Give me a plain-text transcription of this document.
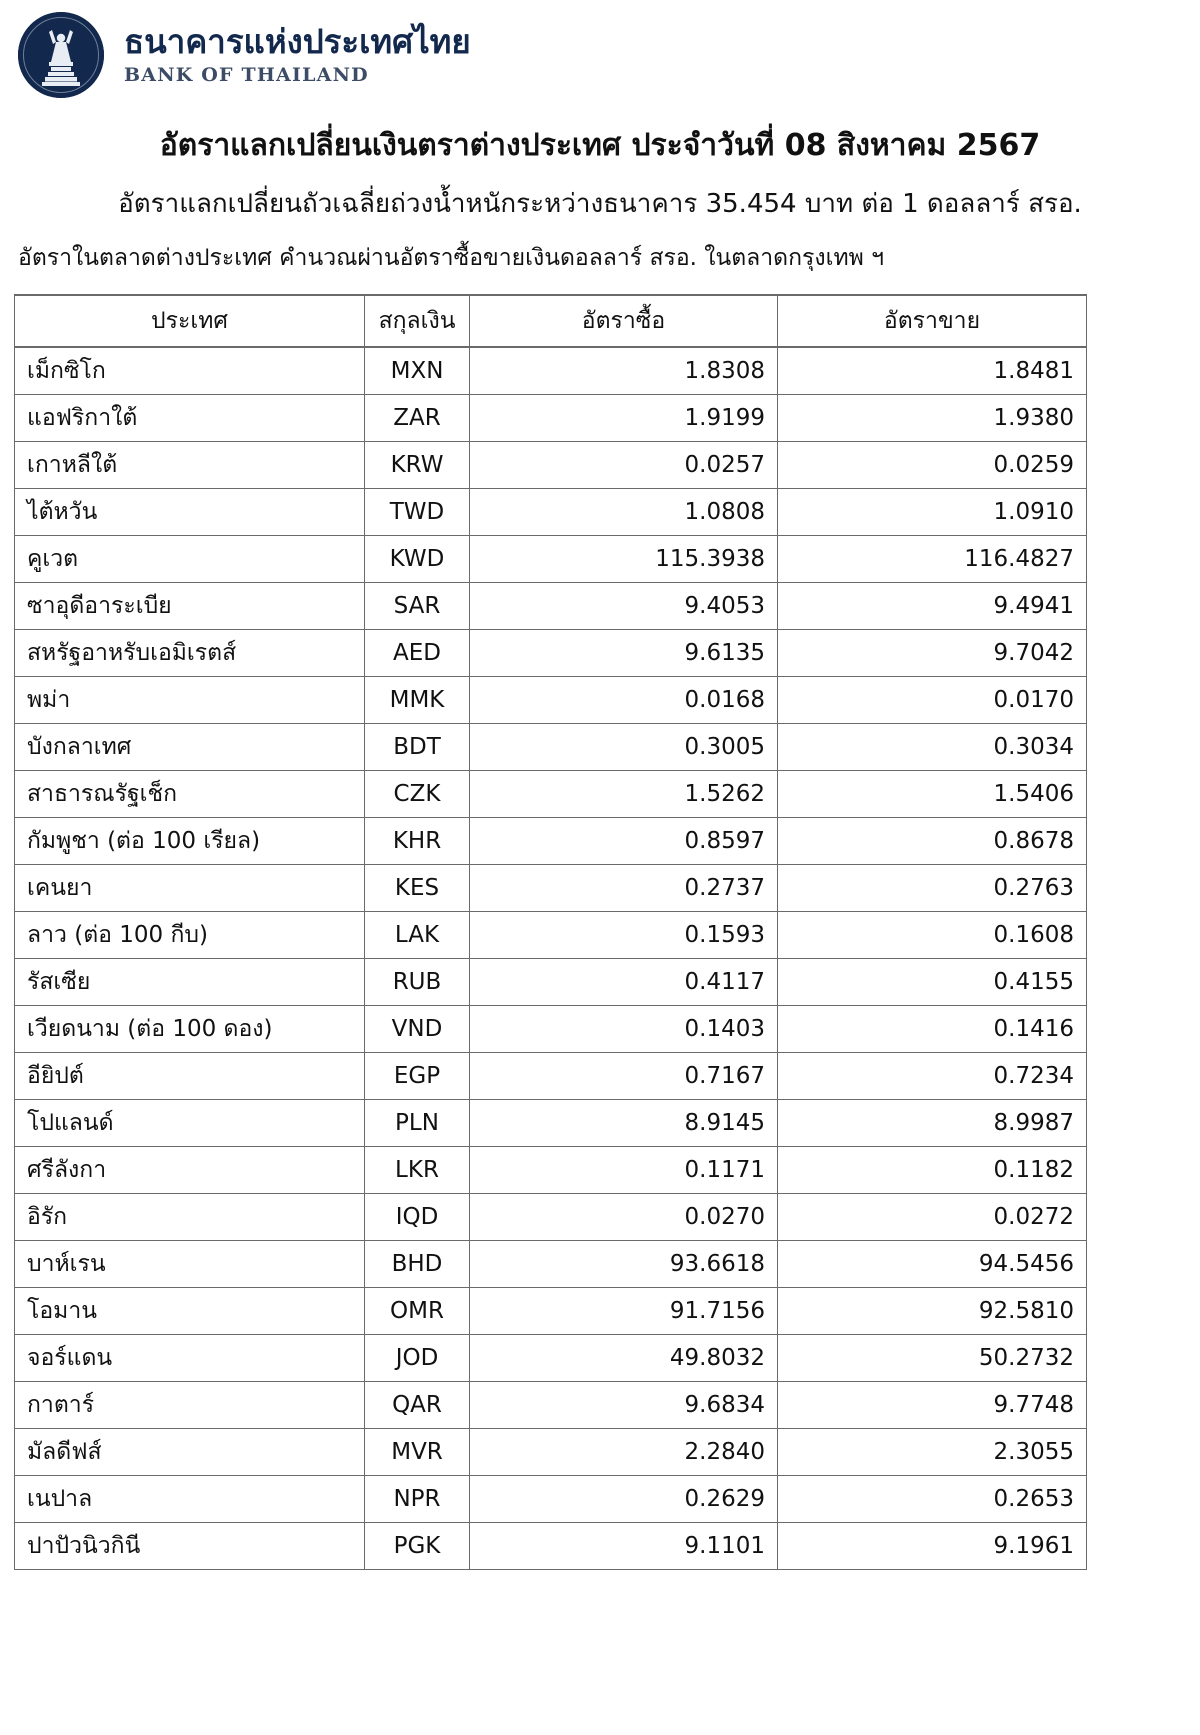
ธนาคารแห่งประเทศไทย
BANK OF THAILAND
อัตราแลกเปลี่ยนเงินตราต่างประเทศ ประจำวันที่ 08 สิงหาคม 2567
อัตราแลกเปลี่ยนถัวเฉลี่ยถ่วงน้ำหนักระหว่างธนาคาร 35.454 บาท ต่อ 1 ดอลลาร์ สรอ.
อัตราในตลาดต่างประเทศ คำนวณผ่านอัตราซื้อขายเงินดอลลาร์ สรอ. ในตลาดกรุงเทพ ฯ
ประเทศ	สกุลเงิน	อัตราซื้อ	อัตราขาย
เม็กซิโก	MXN	1.8308	1.8481
แอฟริกาใต้	ZAR	1.9199	1.9380
เกาหลีใต้	KRW	0.0257	0.0259
ไต้หวัน	TWD	1.0808	1.0910
คูเวต	KWD	115.3938	116.4827
ซาอุดีอาระเบีย	SAR	9.4053	9.4941
สหรัฐอาหรับเอมิเรตส์	AED	9.6135	9.7042
พม่า	MMK	0.0168	0.0170
บังกลาเทศ	BDT	0.3005	0.3034
สาธารณรัฐเช็ก	CZK	1.5262	1.5406
กัมพูชา (ต่อ 100 เรียล)	KHR	0.8597	0.8678
เคนยา	KES	0.2737	0.2763
ลาว (ต่อ 100 กีบ)	LAK	0.1593	0.1608
รัสเซีย	RUB	0.4117	0.4155
เวียดนาม (ต่อ 100 ดอง)	VND	0.1403	0.1416
อียิปต์	EGP	0.7167	0.7234
โปแลนด์	PLN	8.9145	8.9987
ศรีลังกา	LKR	0.1171	0.1182
อิรัก	IQD	0.0270	0.0272
บาห์เรน	BHD	93.6618	94.5456
โอมาน	OMR	91.7156	92.5810
จอร์แดน	JOD	49.8032	50.2732
กาตาร์	QAR	9.6834	9.7748
มัลดีฟส์	MVR	2.2840	2.3055
เนปาล	NPR	0.2629	0.2653
ปาปัวนิวกินี	PGK	9.1101	9.1961
